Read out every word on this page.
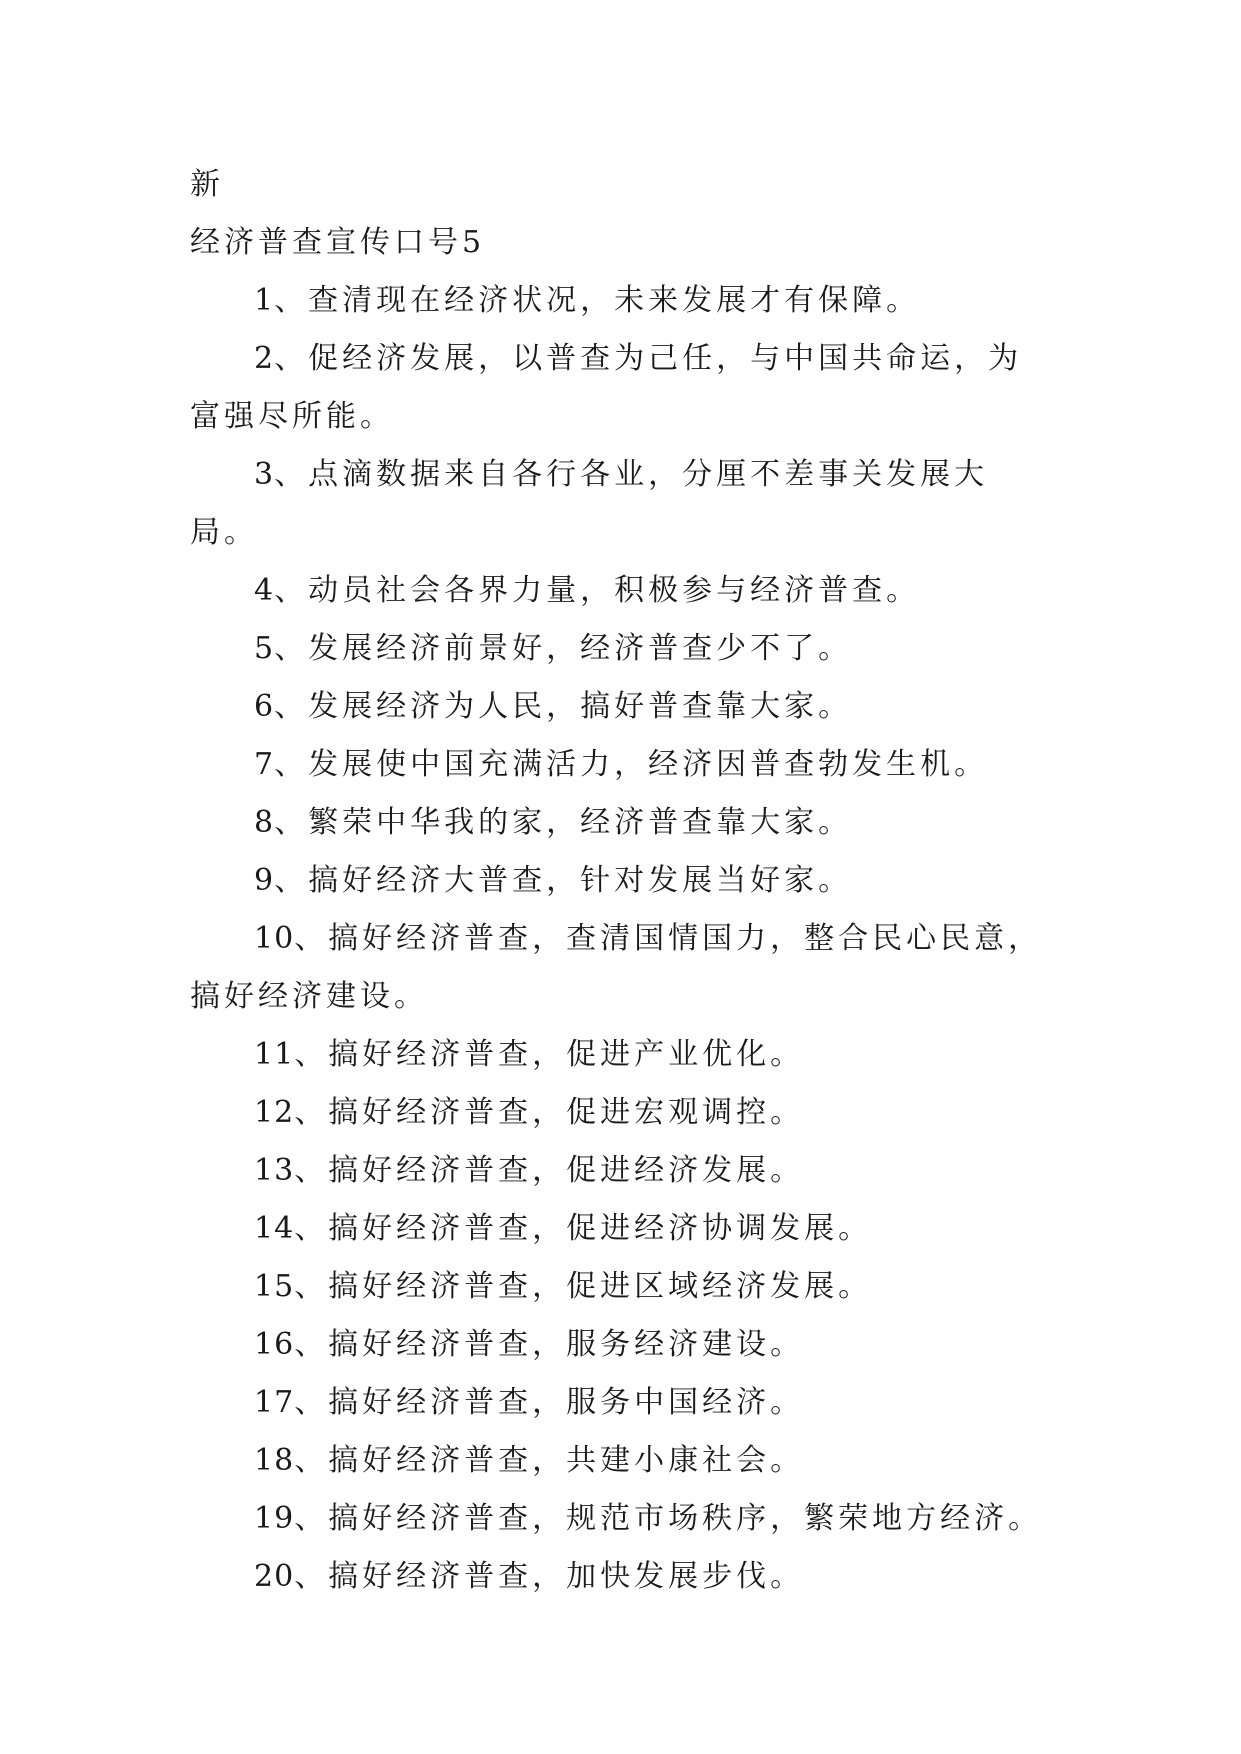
新

经济普查宣传口号5

1、查清现在经济状况，未来发展才有保障。

2、促经济发展，以普查为己任，与中国共命运，为富强尽所能。

3、点滴数据来自各行各业，分厘不差事关发展大局。

4、动员社会各界力量，积极参与经济普查。

5、发展经济前景好，经济普查少不了。

6、发展经济为人民，搞好普查靠大家。

7、发展使中国充满活力，经济因普查勃发生机。

8、繁荣中华我的家，经济普查靠大家。

9、搞好经济大普查，针对发展当好家。

10、搞好经济普查，查清国情国力，整合民心民意，搞好经济建设。

11、搞好经济普查，促进产业优化。

12、搞好经济普查，促进宏观调控。

13、搞好经济普查，促进经济发展。

14、搞好经济普查，促进经济协调发展。

15、搞好经济普查，促进区域经济发展。

16、搞好经济普查，服务经济建设。

17、搞好经济普查，服务中国经济。

18、搞好经济普查，共建小康社会。

19、搞好经济普查，规范市场秩序，繁荣地方经济。

20、搞好经济普查，加快发展步伐。
